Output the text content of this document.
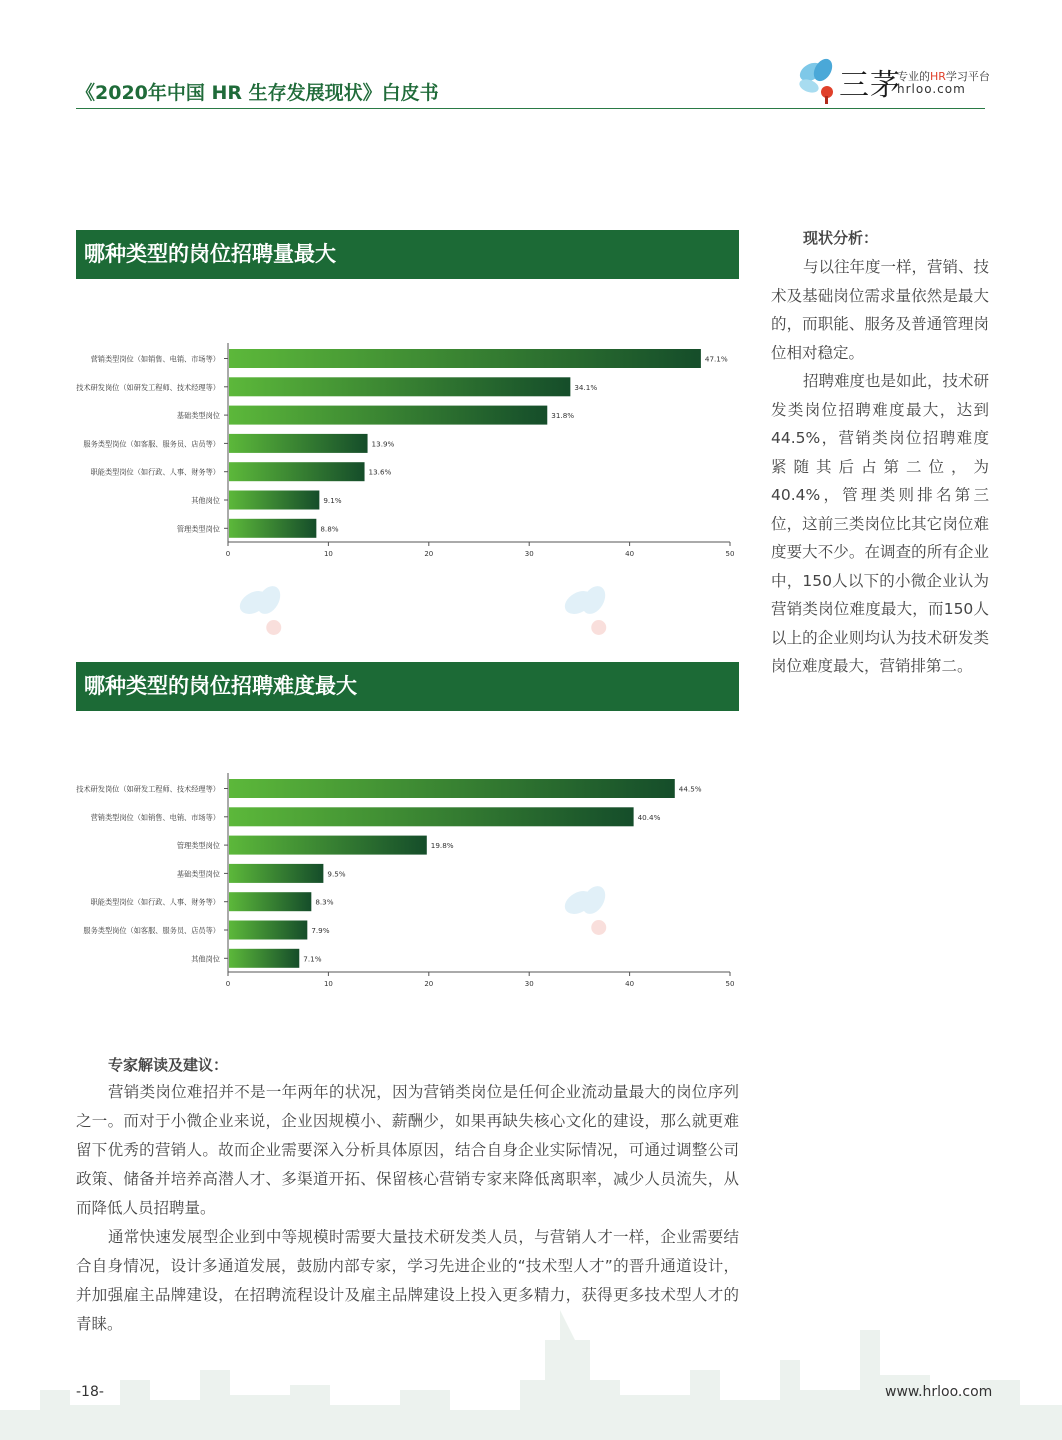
《2020年中国 HR 生存发展现状》白皮书	三茅
专业的HR学习平台
hrloo.com
哪种类型的岗位招聘量最大
营销类型岗位（如销售、电销、市场等）	47.1%
技术研发岗位（如研发工程师、技术经理等）	34.1%
基础类型岗位	31.8%
服务类型岗位（如客服、服务员、店员等）	13.9%
职能类型岗位（如行政、人事、财务等）	13.6%
其他岗位	9.1%
管理类型岗位	8.8%
0	10	20	30	40	50
哪种类型的岗位招聘难度最大
技术研发岗位（如研发工程师、技术经理等）	44.5%
营销类型岗位（如销售、电销、市场等）	40.4%
管理类型岗位	19.8%
基础类型岗位	9.5%
职能类型岗位（如行政、人事、财务等）	8.3%
服务类型岗位（如客服、服务员、店员等）	7.9%
其他岗位	7.1%
0	10	20	30	40	50
现状分析：

与以往年度一样，营销、技术及基础岗位需求量依然是最大的，而职能、服务及普通管理岗位相对稳定。

招聘难度也是如此，技术研发类岗位招聘难度最大，达到44.5%，营销类岗位招聘难度紧随其后占第二位，为40.4%，管理类则排名第三位，这前三类岗位比其它岗位难度要大不少。在调查的所有企业中，150人以下的小微企业认为营销类岗位难度最大，而150人以上的企业则均认为技术研发类岗位难度最大，营销排第二。

专家解读及建议：

营销类岗位难招并不是一年两年的状况，因为营销类岗位是任何企业流动量最大的岗位序列之一。而对于小微企业来说，企业因规模小、薪酬少，如果再缺失核心文化的建设，那么就更难留下优秀的营销人。故而企业需要深入分析具体原因，结合自身企业实际情况，可通过调整公司政策、储备并培养高潜人才、多渠道开拓、保留核心营销专家来降低离职率，减少人员流失，从而降低人员招聘量。

通常快速发展型企业到中等规模时需要大量技术研发类人员，与营销人才一样，企业需要结合自身情况，设计多通道发展，鼓励内部专家，学习先进企业的“技术型人才”的晋升通道设计，并加强雇主品牌建设，在招聘流程设计及雇主品牌建设上投入更多精力，获得更多技术型人才的青睐。

-18-	www.hrloo.com
